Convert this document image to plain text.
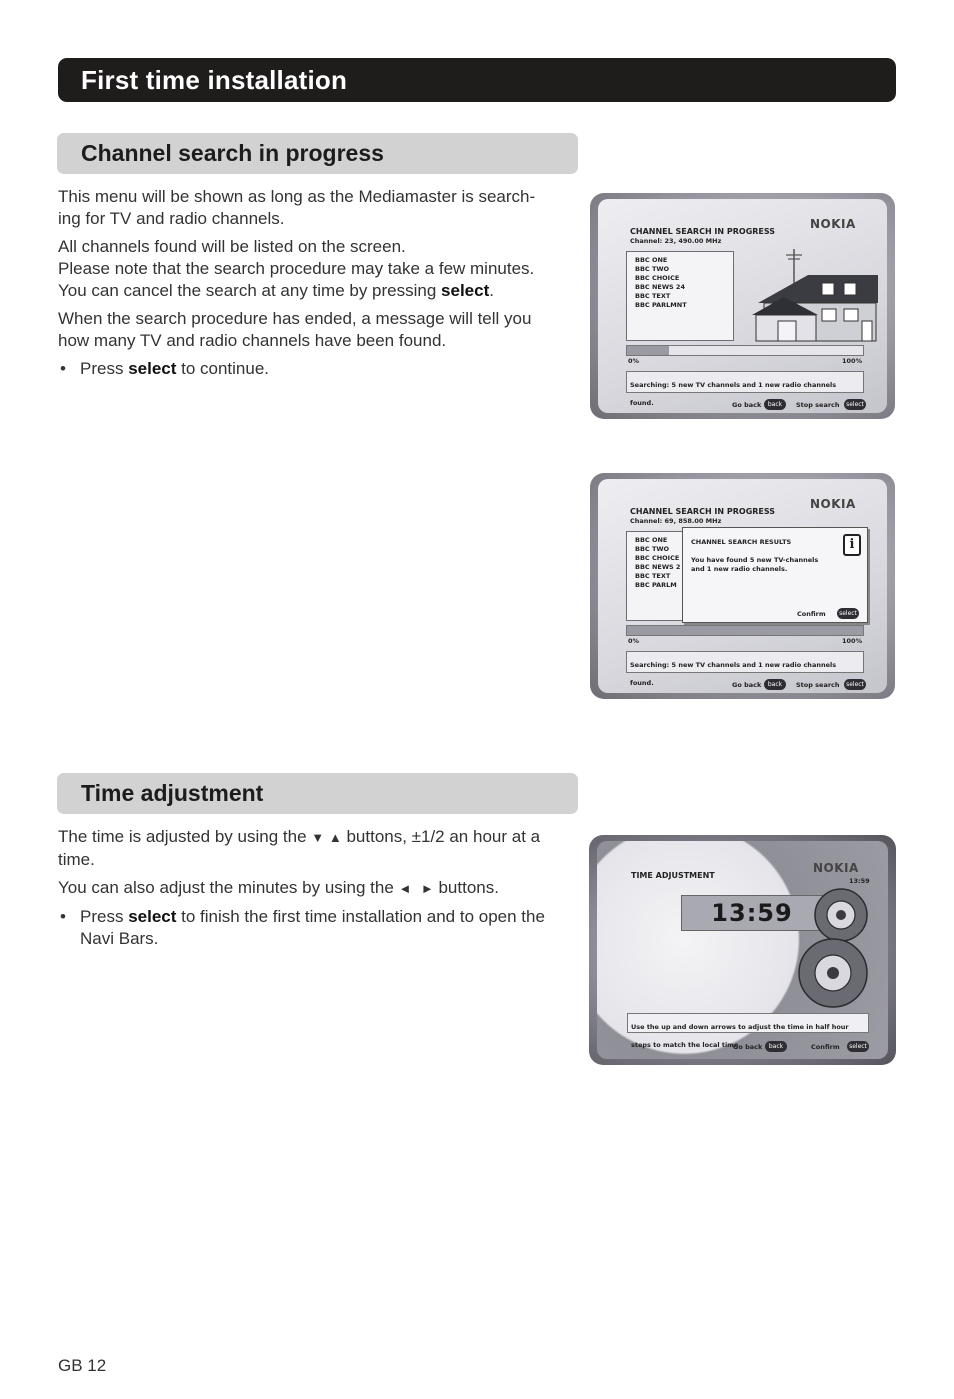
First time installation
Channel search in progress

This menu will be shown as long as the Mediamaster is search-
ing for TV and radio channels.

All channels found will be listed on the screen.
Please note that the search procedure may take a few minutes.
You can cancel the search at any time by pressing select.

When the search procedure has ended, a message will tell you
how many TV and radio channels have been found.

• Press select to continue.
CHANNEL SEARCH IN PROGRESS
Channel: 23, 490.00 MHz
NOKIA
BBC ONE
BBC TWO
BBC CHOICE
BBC NEWS 24
BBC TEXT
BBC PARLMNT
0%	100%
Searching: 5 new TV channels and 1 new radio channels found.	Go back	back	Stop search	select
CHANNEL SEARCH IN PROGRESS
Channel: 69, 858.00 MHz
NOKIA
BBC ONE
BBC TWO
BBC CHOICE
BBC NEWS 2
BBC TEXT
BBC PARLM
CHANNEL SEARCH RESULTS
You have found 5 new TV-channels and 1 new radio channels.
i
Confirm	select
0%	100%
Searching: 5 new TV channels and 1 new radio channels found.	Go back	back	Stop search	select
Time adjustment

The time is adjusted by using the ▼ ▲ buttons, ±1/2 an hour at a
time.

You can also adjust the minutes by using the ◄ ► buttons.

• Press select to finish the first time installation and to open the
Navi Bars.
TIME ADJUSTMENT
NOKIA
13:59
13:59
Use the up and down arrows to adjust the time in half hour steps to match the local time.
Go back	back	Confirm	select
GB 12
